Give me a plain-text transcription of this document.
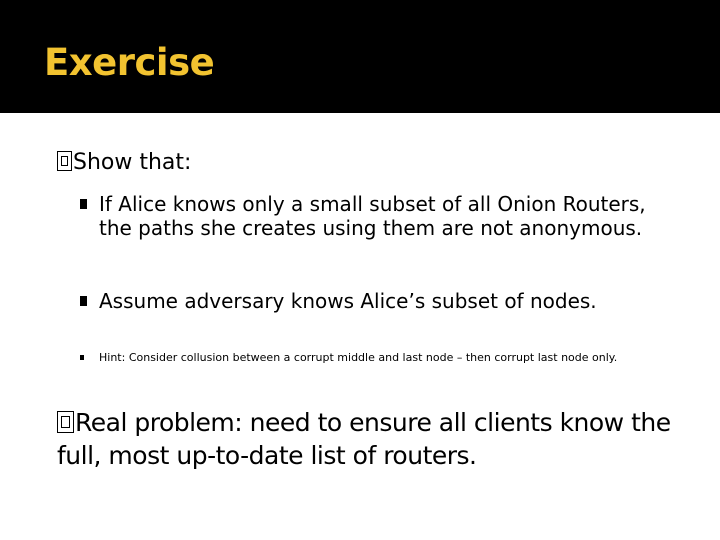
Exercise
Show that:
If Alice knows only a small subset of all Onion Routers, the paths she creates using them are not anonymous.
Assume adversary knows Alice’s subset of nodes.
Hint: Consider collusion between a corrupt middle and last node – then corrupt last node only.
Real problem: need to ensure all clients know the full, most up-to-date list of routers.
